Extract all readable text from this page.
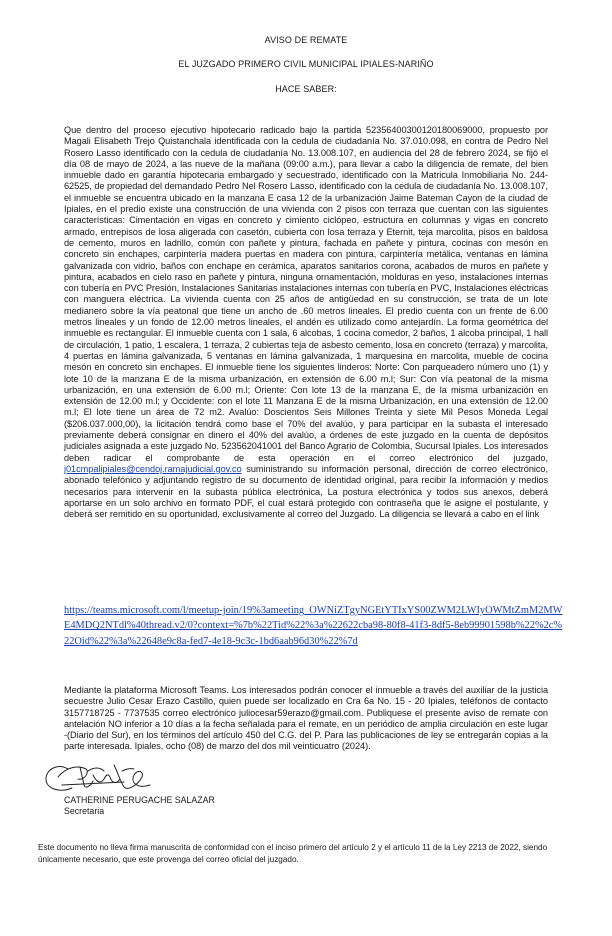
AVISO DE REMATE
EL JUZGADO PRIMERO CIVIL MUNICIPAL IPIALES-NARIÑO
HACE SABER:
Que dentro del proceso ejecutivo hipotecario radicado bajo la partida 52356400300120180069000, propuesto por Magali Elisabeth Trejo Quistanchala identificada con la cedula de ciudadanía No. 37.010.098, en contra de Pedro Nel Rosero Lasso identificado con la cedula de ciudadanía No. 13.008.107, en audiencia del 28 de febrero 2024, se fijó el día 08 de mayo de 2024, a las nueve de la mañana (09:00 a.m.), para llevar a cabo la diligencia de remate, del bien inmueble dado en garantía hipotecaria embargado y secuestrado, identificado con la Matricula Inmobiliaria No. 244-62525, de propiedad del demandado Pedro Nel Rosero Lasso, identificado con la cedula de ciudadanía No. 13.008.107, el inmueble se encuentra ubicado en la manzana E casa 12 de la urbanización Jaime Bateman Cayon de la ciudad de Ipiales, en el predio existe una construcción de una vivienda con 2 pisos con terraza que cuentan con las siguientes características: Cimentación en vigas en concreto y cimiento ciclópeo, estructura en columnas y vigas en concreto armado, entrepisos de losa aligerada con casetón, cubierta con losa terraza y Eternit, teja marcolita, pisos en baldosa de cemento, muros en ladrillo, común con pañete y pintura, fachada en pañete y pintura, cocinas con mesón en concreto sin enchapes, carpintería madera puertas en madera con pintura, carpintería metálica, ventanas en lámina galvanizada con vidrio, baños con enchape en cerámica, aparatos sanitarios corona, acabados de muros en pañete y pintura, acabados en cielo raso en pañete y pintura, ninguna ornamentación, molduras en yeso, instalaciones internas con tubería en PVC Presión, Instalaciones Sanitarias instalaciones internas con tubería en PVC, Instalaciones eléctricas con manguera eléctrica. La vivienda cuenta con 25 años de antigüedad en su construcción, se trata de un lote medianero sobre la vía peatonal que tiene un ancho de .60 metros lineales. El predio cuenta con un frente de 6.00 metros lineales y un fondo de 12.00 metros lineales, el andén es utilizado como antejardín. La forma geométrica del inmueble es rectangular. El inmueble cuenta con 1 sala, 6 alcobas, 1 cocina comedor, 2 baños, 1 alcoba principal, 1 hall de circulación, 1 patio, 1 escalera, 1 terraza, 2 cubiertas teja de asbesto cemento, losa en concreto (terraza) y marcolita, 4 puertas en lámina galvanizada, 5 ventanas en lámina galvanizada, 1 marquesina en marcolita, mueble de cocina mesón en concreto sin enchapes. El inmueble tiene los siguientes linderos: Norte: Con parqueadero número uno (1) y lote 10 de la manzana E de la misma urbanización, en extensión de 6.00 m.l; Sur: Con vía peatonal de la misma urbanización, en una extensión de 6.00 m.l; Oriente: Con lote 13 de la manzana E, de la misma urbanización en extensión de 12.00 m.l; y Occidente: con el lote 11 Manzana E de la misma Urbanización, en una extensión de 12.00 m.l; El lote tiene un área de 72 m2. Avalúo: Doscientos Seis Millones Treinta y siete Mil Pesos Moneda Legal ($206.037.000,00), la licitación tendrá como base el 70% del avalúo, y para participar en la subasta el interesado previamente deberá consignar en dinero el 40% del avalúo, a órdenes de este juzgado en la cuenta de depósitos judiciales asignada a este juzgado No. 523562041001 del Banco Agrario de Colombia, Sucursal Ipiales. Los interesados deben radicar el comprobante de esta operación en el correo electrónico del juzgado, j01cmpalipiales@cendoj.ramajudicial.gov.co suministrando su información personal, dirección de correo electrónico, abonado telefónico y adjuntando registro de su documento de identidad original, para recibir la información y medios necesarios para intervenir en la subasta pública electrónica, La postura electrónica y todos sus anexos, deberá aportarse en un solo archivo en formato PDF, el cual estará protegido con contraseña que le asigne el postulante, y deberá ser remitido en su oportunidad, exclusivamente al correo del Juzgado. La diligencia se llevará a cabo en el link
https://teams.microsoft.com/l/meetup-join/19%3ameeting_OWNiZTgyNGEtYTIxYS00ZWM2LWIyOWMtZmM2MWE4MDQ2NTdl%40thread.v2/0?context=%7b%22Tid%22%3a%22622cba98-80f8-41f3-8df5-8eb99901598b%22%2c%22Oid%22%3a%22648e9c8a-fed7-4e18-9c3c-1bd6aab96d30%22%7d
Mediante la plataforma Microsoft Teams. Los interesados podrán conocer el inmueble a través del auxiliar de la justicia secuestre Julio Cesar Erazo Castillo, quien puede ser localizado en Cra 6a No. 15 - 20 Ipiales, teléfonos de contacto 3157718725 - 7737535 correo electrónico juliocesar59erazo@gmail.com. Publiquese el presente aviso de remate con antelación NO inferior a 10 días a la fecha señalada para el remate, en un periódico de amplia circulación en este lugar -(Diario del Sur), en los términos del artículo 450 del C.G. del P. Para las publicaciones de ley se entregarán copias a la parte interesada. Ipiales, ocho (08) de marzo del dos mil veinticuatro (2024).
CATHERINE PERUGACHE SALAZAR
Secretaria
Este documento no lleva firma manuscrita de conformidad con el inciso primero del artículo 2 y el artículo 11 de la Ley 2213 de 2022, siendo únicamente necesario, que este provenga del correo oficial del juzgado.
